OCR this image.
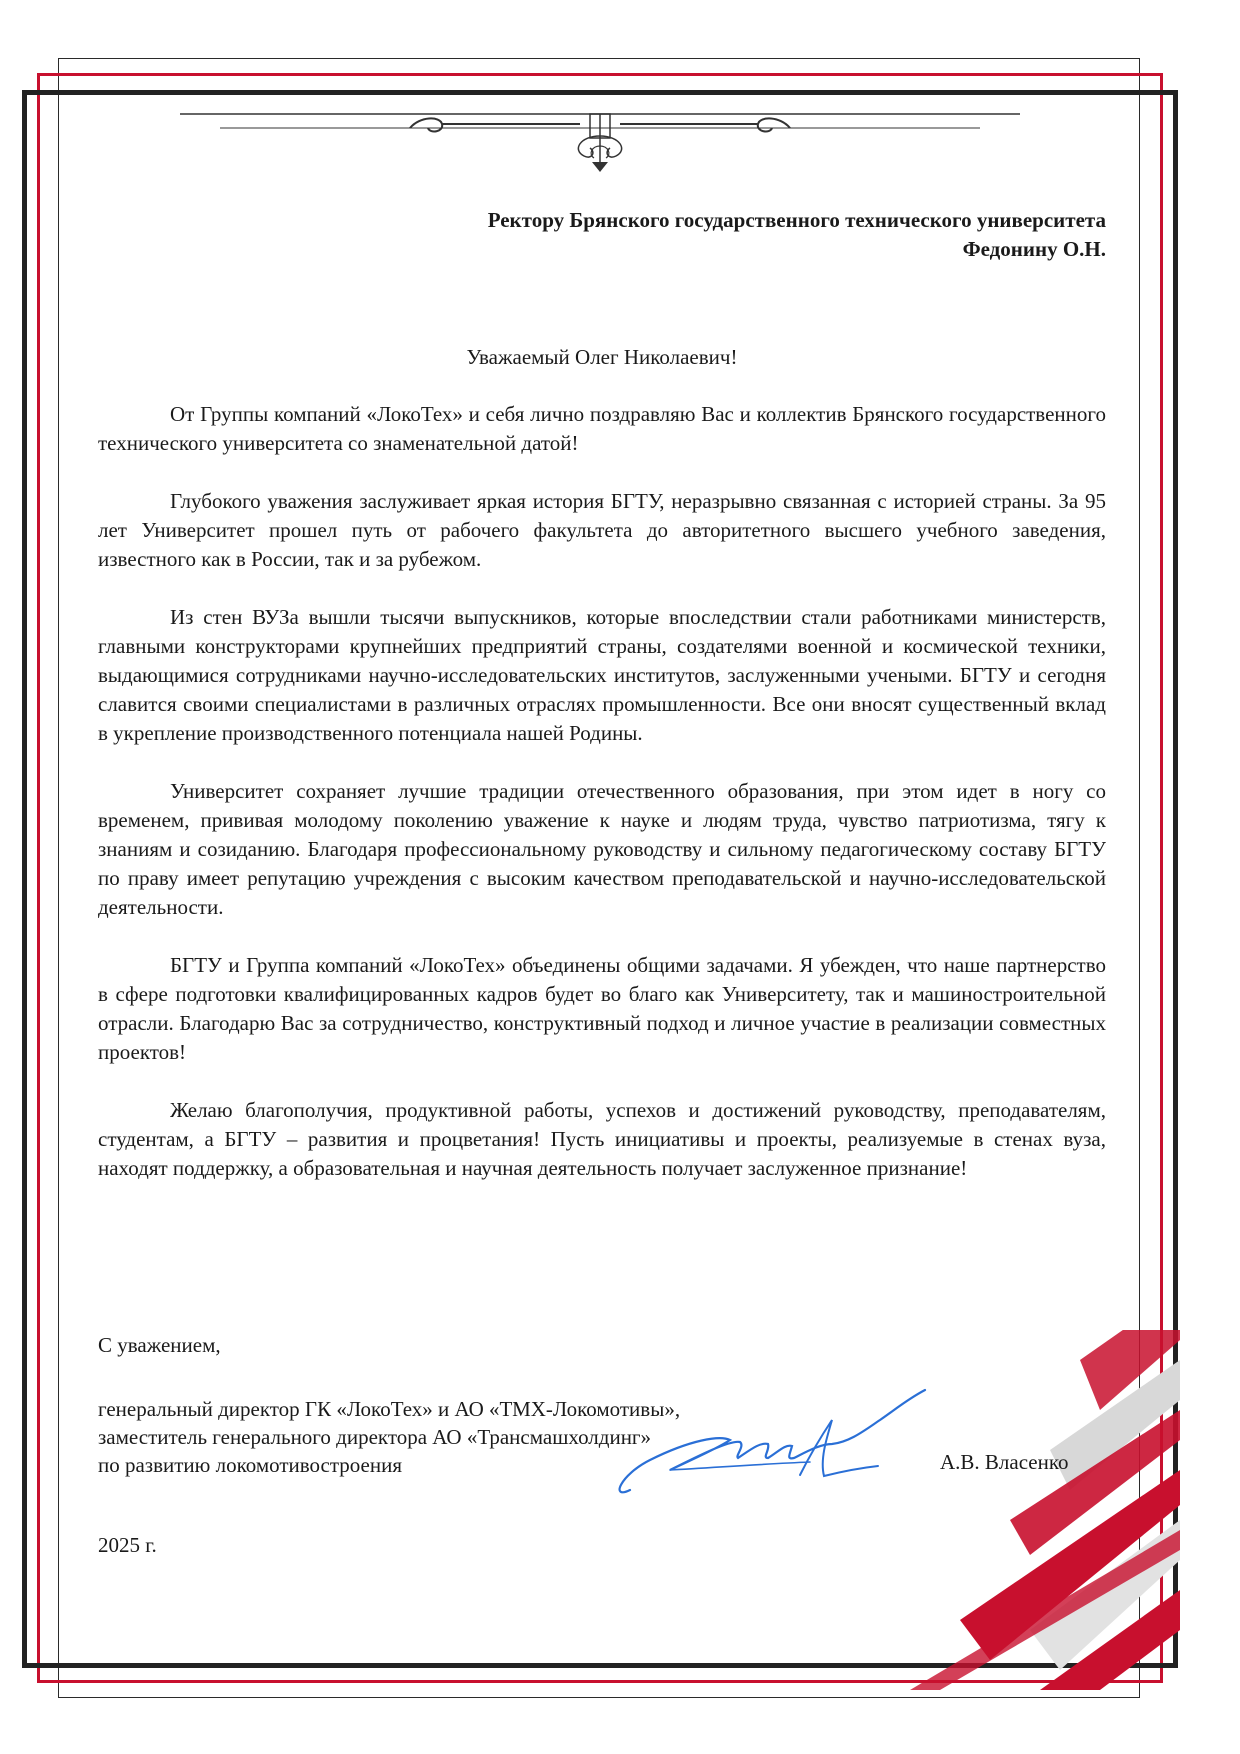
Ректору Брянского государственного технического университета
Федонину О.Н.
Уважаемый Олег Николаевич!

От Группы компаний «ЛокоТех» и себя лично поздравляю Вас и коллектив Брянского государственного технического университета со знаменательной датой!

Глубокого уважения заслуживает яркая история БГТУ, неразрывно связанная с историей страны. За 95 лет Университет прошел путь от рабочего факультета до авторитетного высшего учебного заведения, известного как в России, так и за рубежом.

Из стен ВУЗа вышли тысячи выпускников, которые впоследствии стали работниками министерств, главными конструкторами крупнейших предприятий страны, создателями военной и космической техники, выдающимися сотрудниками научно-исследовательских институтов, заслуженными учеными. БГТУ и сегодня славится своими специалистами в различных отраслях промышленности. Все они вносят существенный вклад в укрепление производственного потенциала нашей Родины.

Университет сохраняет лучшие традиции отечественного образования, при этом идет в ногу со временем, прививая молодому поколению уважение к науке и людям труда, чувство патриотизма, тягу к знаниям и созиданию. Благодаря профессиональному руководству и сильному педагогическому составу БГТУ по праву имеет репутацию учреждения с высоким качеством преподавательской и научно-исследовательской деятельности.

БГТУ и Группа компаний «ЛокоТех» объединены общими задачами. Я убежден, что наше партнерство в сфере подготовки квалифицированных кадров будет во благо как Университету, так и машиностроительной отрасли. Благодарю Вас за сотрудничество, конструктивный подход и личное участие в реализации совместных проектов!

Желаю благополучия, продуктивной работы, успехов и достижений руководству, преподавателям, студентам, а БГТУ – развития и процветания! Пусть инициативы и проекты, реализуемые в стенах вуза, находят поддержку, а образовательная и научная деятельность получает заслуженное признание!

С уважением,
генеральный директор ГК «ЛокоТех» и АО «ТМХ-Локомотивы»,
заместитель генерального директора АО «Трансмашхолдинг»
по развитию локомотивостроения	А.В. Власенко
2025 г.
